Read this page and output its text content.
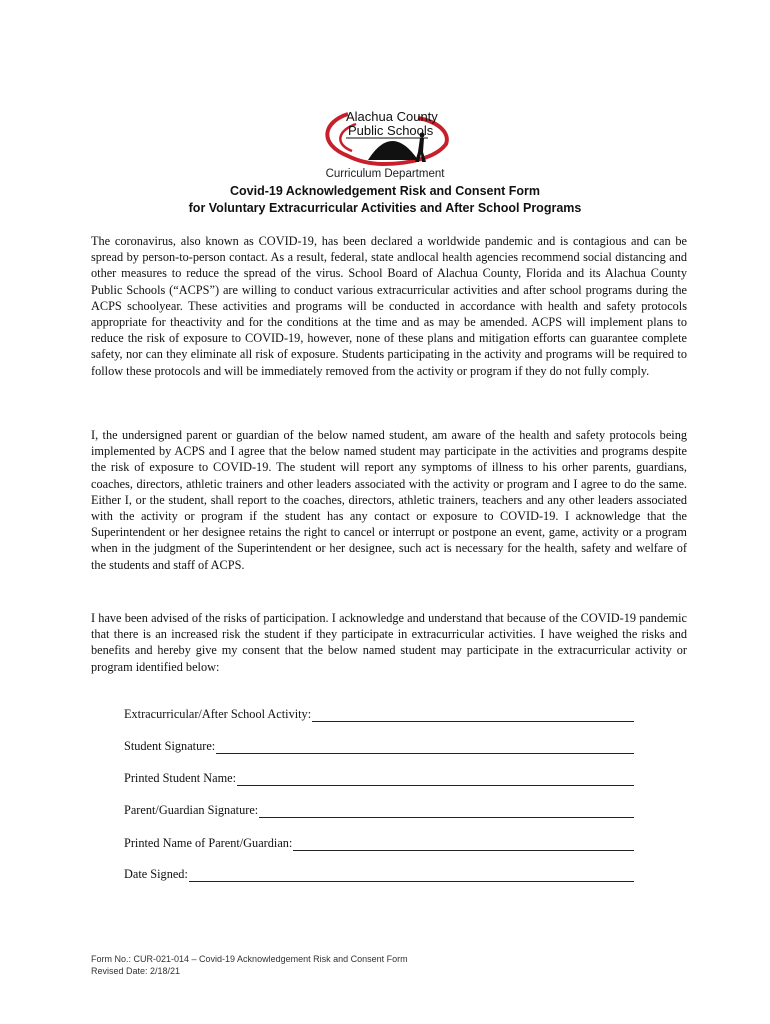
Alachua County
Public Schools
Curriculum Department
Covid-19 Acknowledgement Risk and Consent Form
for Voluntary Extracurricular Activities and After School Programs

The coronavirus, also known as COVID-19, has been declared a worldwide pandemic and is contagious and can be spread by person-to-person contact. As a result, federal, state andlocal health agencies recommend social distancing and other measures to reduce the spread of the virus. School Board of Alachua County, Florida and its Alachua County Public Schools (“ACPS”) are willing to conduct various extracurricular activities and after school programs during the ACPS schoolyear. These activities and programs will be conducted in accordance with health and safety protocols appropriate for theactivity and for the conditions at the time and as may be amended. ACPS will implement plans to reduce the risk of exposure to COVID-19, however, none of these plans and mitigation efforts can guarantee complete safety, nor can they eliminate all risk of exposure. Students participating in the activity and programs will be required to follow these protocols and will be immediately removed from the activity or program if they do not fully comply.

I, the undersigned parent or guardian of the below named student, am aware of the health and safety protocols being implemented by ACPS and I agree that the below named student may participate in the activities and programs despite the risk of exposure to COVID-19. The student will report any symptoms of illness to his orher parents, guardians, coaches, directors, athletic trainers and other leaders associated with the activity or program and I agree to do the same. Either I, or the student, shall report to the coaches, directors, athletic trainers, teachers and any other leaders associated with the activity or program if the student has any contact or exposure to COVID-19. I acknowledge that the Superintendent or her designee retains the right to cancel or interrupt or postpone an event, game, activity or a program when in the judgment of the Superintendent or her designee, such act is necessary for the health, safety and welfare of the students and staff of ACPS.

I have been advised of the risks of participation. I acknowledge and understand that because of the COVID-19 pandemic that there is an increased risk the student if they participate in extracurricular activities. I have weighed the risks and benefits and hereby give my consent that the below named student may participate in the extracurricular activity or program identified below:

Extracurricular/After School Activity:
Student Signature:
Printed Student Name:
Parent/Guardian Signature:
Printed Name of Parent/Guardian:
Date Signed:
Form No.: CUR-021-014 – Covid-19 Acknowledgement Risk and Consent Form
Revised Date: 2/18/21
